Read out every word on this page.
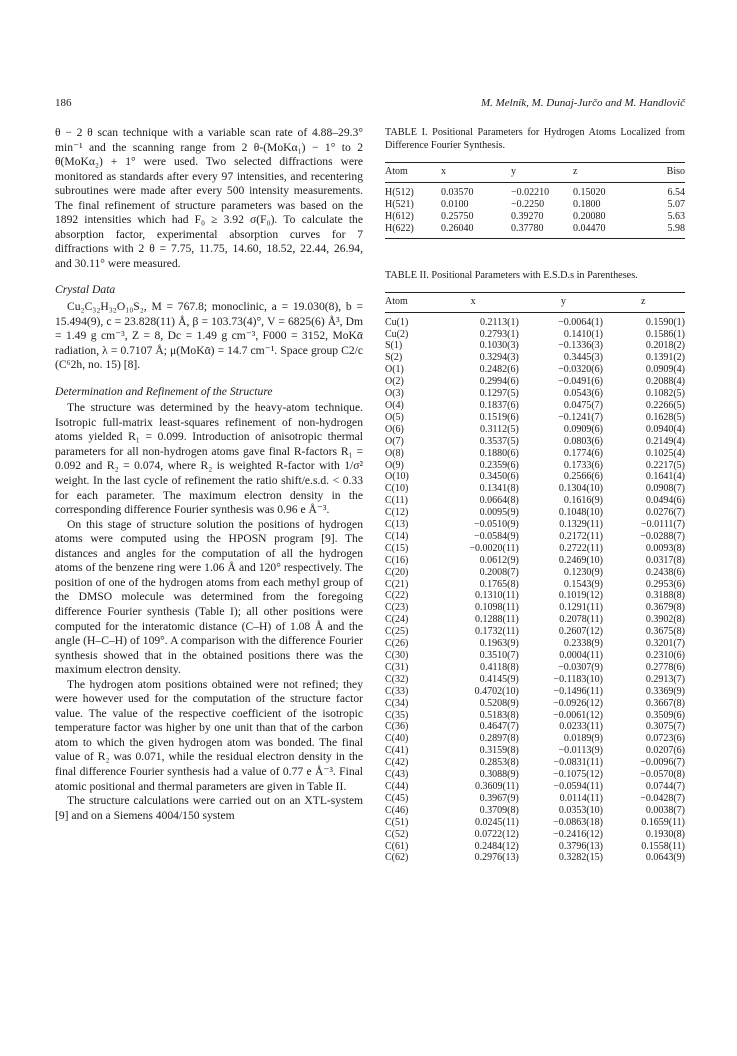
186	M. Melník, M. Dunaj-Jurčo and M. Handlovič

θ − 2 θ scan technique with a variable scan rate of 4.88–29.3° min⁻¹ and the scanning range from 2 θ-(MoKα₁) − 1° to 2 θ(MoKα₂) + 1° were used. Two selected diffractions were monitored as standards after every 97 intensities, and recentering subroutines were made after every 500 intensity measurements. The final refinement of structure parameters was based on the 1892 intensities which had F₀ ≥ 3.92 σ(F₀). To calculate the absorption factor, experimental absorption curves for 7 diffractions with 2 θ = 7.75, 11.75, 14.60, 18.52, 22.44, 26.94, and 30.11° were measured.

Crystal Data

Cu₂C₃₂H₃₂O₁₀S₂, M = 767.8; monoclinic, a = 19.030(8), b = 15.494(9), c = 23.828(11) Å, β = 103.73(4)°, V = 6825(6) Å³, Dm = 1.49 g cm⁻³, Z = 8, Dc = 1.49 g cm⁻³, F000 = 3152, MoKᾱ radiation, λ = 0.7107 Å; μ(MoKᾱ) = 14.7 cm⁻¹. Space group C2/c (C⁶2h, no. 15) [8].

Determination and Refinement of the Structure

The structure was determined by the heavy-atom technique. Isotropic full-matrix least-squares refinement of non-hydrogen atoms yielded R₁ = 0.099. Introduction of anisotropic thermal parameters for all non-hydrogen atoms gave final R-factors R₁ = 0.092 and R₂ = 0.074, where R₂ is weighted R-factor with 1/σ² weight. In the last cycle of refinement the ratio shift/e.s.d. < 0.33 for each parameter. The maximum electron density in the corresponding difference Fourier synthesis was 0.96 e Å⁻³.

On this stage of structure solution the positions of hydrogen atoms were computed using the HPOSN program [9]. The distances and angles for the computation of all the hydrogen atoms of the benzene ring were 1.06 Å and 120° respectively. The position of one of the hydrogen atoms from each methyl group of the DMSO molecule was determined from the foregoing difference Fourier synthesis (Table I); all other positions were computed for the interatomic distance (C–H) of 1.08 Å and the angle (H–C–H) of 109°. A comparison with the difference Fourier synthesis showed that in the obtained positions there was the maximum electron density.

The hydrogen atom positions obtained were not refined; they were however used for the computation of the structure factor value. The value of the respective coefficient of the isotropic temperature factor was higher by one unit than that of the carbon atom to which the given hydrogen atom was bonded. The final value of R₂ was 0.071, while the residual electron density in the final difference Fourier synthesis had a value of 0.77 e Å⁻³. Final atomic positional and thermal parameters are given in Table II.

The structure calculations were carried out on an XTL-system [9] and on a Siemens 4004/150 system

TABLE I. Positional Parameters for Hydrogen Atoms Localized from Difference Fourier Synthesis.

Atom	x	y	z	Biso
H(512)	0.03570	−0.02210	0.15020	6.54
H(521)	0.0100	−0.2250	0.1800	5.07
H(612)	0.25750	0.39270	0.20080	5.63
H(622)	0.26040	0.37780	0.04470	5.98

TABLE II. Positional Parameters with E.S.D.s in Parentheses.

Atom	x	y	z
Cu(1)	0.2113(1)	−0.0064(1)	0.1590(1)
Cu(2)	0.2793(1)	0.1410(1)	0.1586(1)
S(1)	0.1030(3)	−0.1336(3)	0.2018(2)
S(2)	0.3294(3)	0.3445(3)	0.1391(2)
O(1)	0.2482(6)	−0.0320(6)	0.0909(4)
O(2)	0.2994(6)	−0.0491(6)	0.2088(4)
O(3)	0.1297(5)	0.0543(6)	0.1082(5)
O(4)	0.1837(6)	0.0475(7)	0.2266(5)
O(5)	0.1519(6)	−0.1241(7)	0.1628(5)
O(6)	0.3112(5)	0.0909(6)	0.0940(4)
O(7)	0.3537(5)	0.0803(6)	0.2149(4)
O(8)	0.1880(6)	0.1774(6)	0.1025(4)
O(9)	0.2359(6)	0.1733(6)	0.2217(5)
O(10)	0.3450(6)	0.2566(6)	0.1641(4)
C(10)	0.1341(8)	0.1304(10)	0.0908(7)
C(11)	0.0664(8)	0.1616(9)	0.0494(6)
C(12)	0.0095(9)	0.1048(10)	0.0276(7)
C(13)	−0.0510(9)	0.1329(11)	−0.0111(7)
C(14)	−0.0584(9)	0.2172(11)	−0.0288(7)
C(15)	−0.0020(11)	0.2722(11)	0.0093(8)
C(16)	0.0612(9)	0.2469(10)	0.0317(8)
C(20)	0.2008(7)	0.1230(9)	0.2438(6)
C(21)	0.1765(8)	0.1543(9)	0.2953(6)
C(22)	0.1310(11)	0.1019(12)	0.3188(8)
C(23)	0.1098(11)	0.1291(11)	0.3679(8)
C(24)	0.1288(11)	0.2078(11)	0.3902(8)
C(25)	0.1732(11)	0.2607(12)	0.3675(8)
C(26)	0.1963(9)	0.2338(9)	0.3201(7)
C(30)	0.3510(7)	0.0004(11)	0.2310(6)
C(31)	0.4118(8)	−0.0307(9)	0.2778(6)
C(32)	0.4145(9)	−0.1183(10)	0.2913(7)
C(33)	0.4702(10)	−0.1496(11)	0.3369(9)
C(34)	0.5208(9)	−0.0926(12)	0.3667(8)
C(35)	0.5183(8)	−0.0061(12)	0.3509(6)
C(36)	0.4647(7)	0.0233(11)	0.3075(7)
C(40)	0.2897(8)	0.0189(9)	0.0723(6)
C(41)	0.3159(8)	−0.0113(9)	0.0207(6)
C(42)	0.2853(8)	−0.0831(11)	−0.0096(7)
C(43)	0.3088(9)	−0.1075(12)	−0.0570(8)
C(44)	0.3609(11)	−0.0594(11)	0.0744(7)
C(45)	0.3967(9)	0.0114(11)	−0.0428(7)
C(46)	0.3709(8)	0.0353(10)	0.0038(7)
C(51)	0.0245(11)	−0.0863(18)	0.1659(11)
C(52)	0.0722(12)	−0.2416(12)	0.1930(8)
C(61)	0.2484(12)	0.3796(13)	0.1558(11)
C(62)	0.2976(13)	0.3282(15)	0.0643(9)
